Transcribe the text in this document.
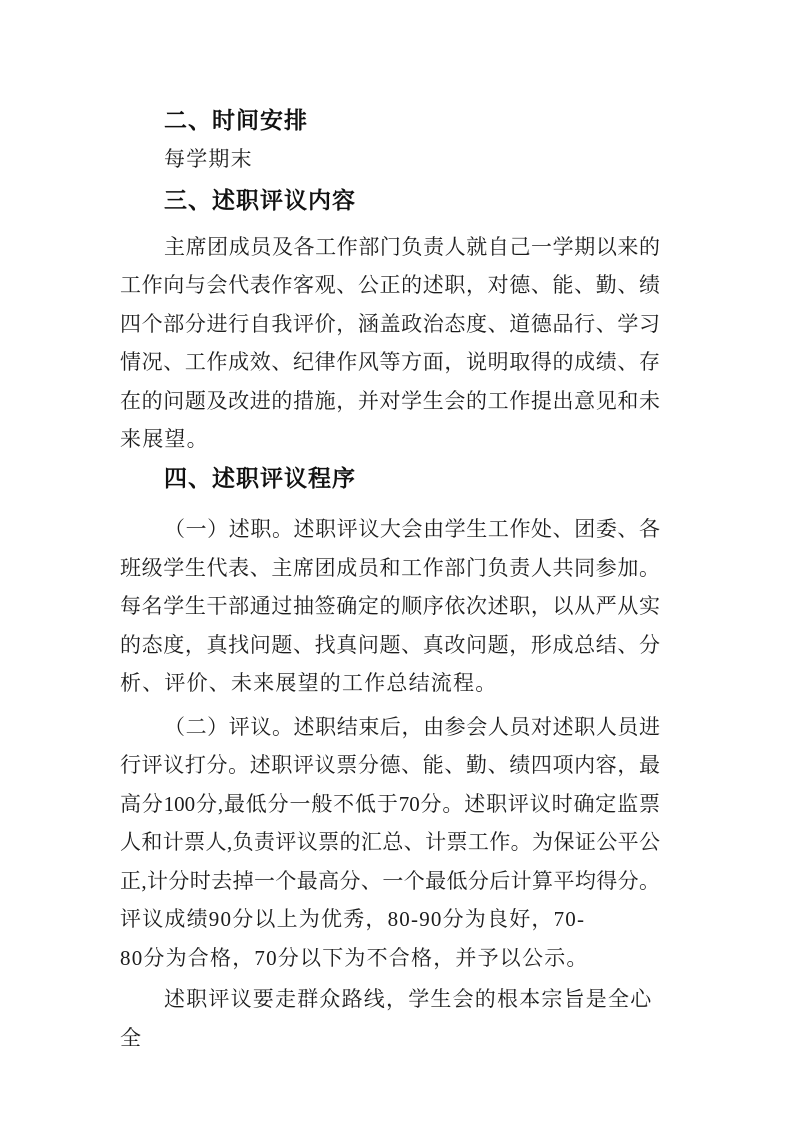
二、时间安排
每学期末
三、述职评议内容
主席团成员及各工作部门负责人就自己一学期以来的
工作向与会代表作客观、公正的述职，对德、能、勤、绩
四个部分进行自我评价，涵盖政治态度、道德品行、学习
情况、工作成效、纪律作风等方面，说明取得的成绩、存
在的问题及改进的措施，并对学生会的工作提出意见和未
来展望。
四、述职评议程序
（一）述职。述职评议大会由学生工作处、团委、各
班级学生代表、主席团成员和工作部门负责人共同参加。
每名学生干部通过抽签确定的顺序依次述职，以从严从实
的态度，真找问题、找真问题、真改问题，形成总结、分
析、评价、未来展望的工作总结流程。
（二）评议。述职结束后，由参会人员对述职人员进
行评议打分。述职评议票分德、能、勤、绩四项内容，最
高分100分,最低分一般不低于70分。述职评议时确定监票
人和计票人,负责评议票的汇总、计票工作。为保证公平公
正,计分时去掉一个最高分、一个最低分后计算平均得分。
评议成绩90分以上为优秀，80-90分为良好，70-
80分为合格，70分以下为不合格，并予以公示。
述职评议要走群众路线，学生会的根本宗旨是全心全
